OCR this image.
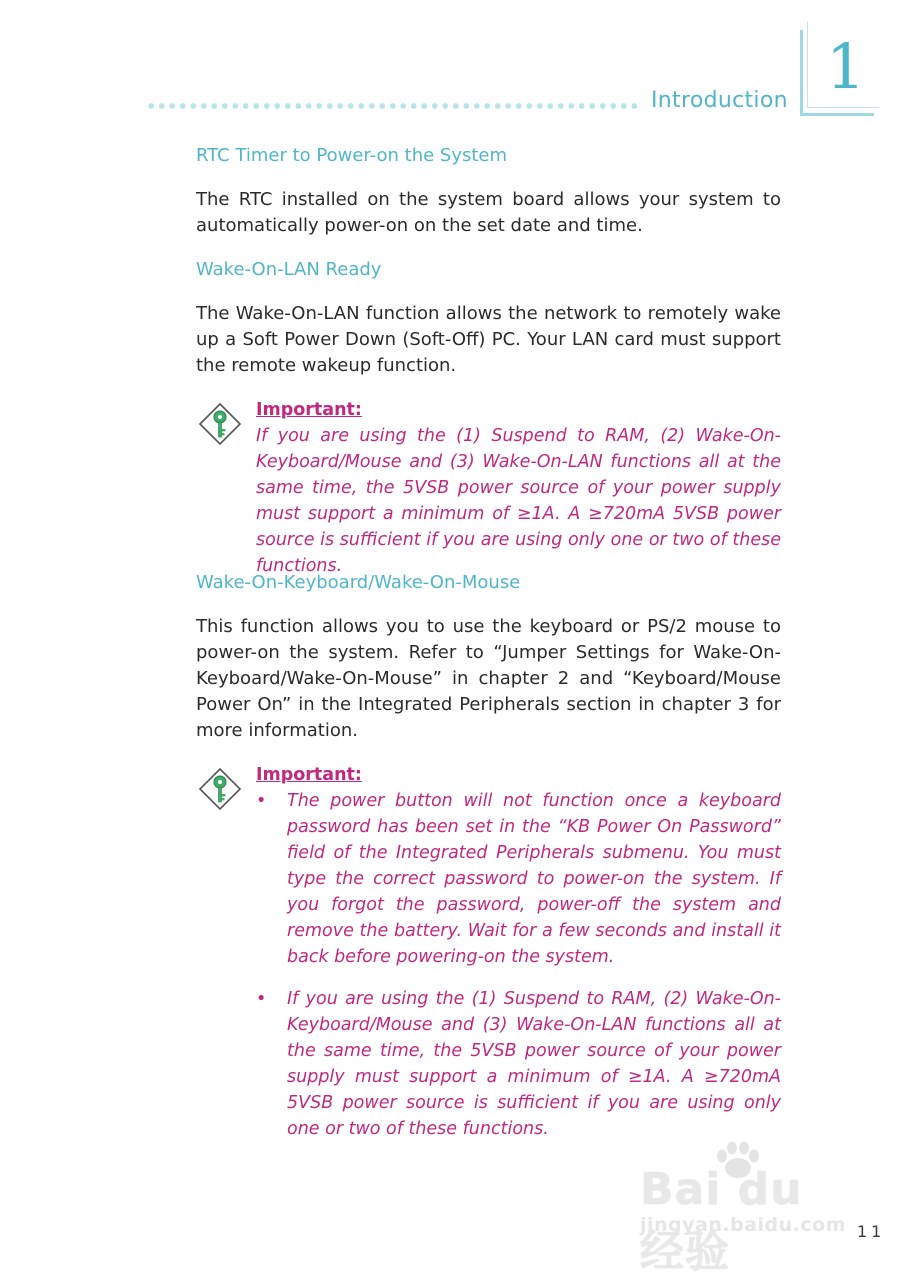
Introduction 1
RTC Timer to Power-on the System

The RTC installed on the system board allows your system to automatically power-on on the set date and time.

Wake-On-LAN Ready

The Wake-On-LAN function allows the network to remotely wake up a Soft Power Down (Soft-Off) PC. Your LAN card must support the remote wakeup function.

Important:

If you are using the (1) Suspend to RAM, (2) Wake-On-Keyboard/Mouse and (3) Wake-On-LAN functions all at the same time, the 5VSB power source of your power supply must support a minimum of ≥1A. A ≥720mA 5VSB power source is sufficient if you are using only one or two of these functions.

Wake-On-Keyboard/Wake-On-Mouse

This function allows you to use the keyboard or PS/2 mouse to power-on the system. Refer to “Jumper Settings for Wake-On-Keyboard/Wake-On-Mouse” in chapter 2 and “Keyboard/Mouse Power On” in the Integrated Peripherals section in chapter 3 for more information.

Important:
•	The power button will not function once a keyboard password has been set in the “KB Power On Password” field of the Integrated Peripherals submenu. You must type the correct password to power-on the system. If you forgot the password, power-off the system and remove the battery. Wait for a few seconds and install it back before powering-on the system.

•	If you are using the (1) Suspend to RAM, (2) Wake-On-Keyboard/Mouse and (3) Wake-On-LAN functions all at the same time, the 5VSB power source of your power supply must support a minimum of ≥1A. A ≥720mA 5VSB power source is sufficient if you are using only one or two of these functions.

Bai du 经验
jingyan.baidu.com 11
